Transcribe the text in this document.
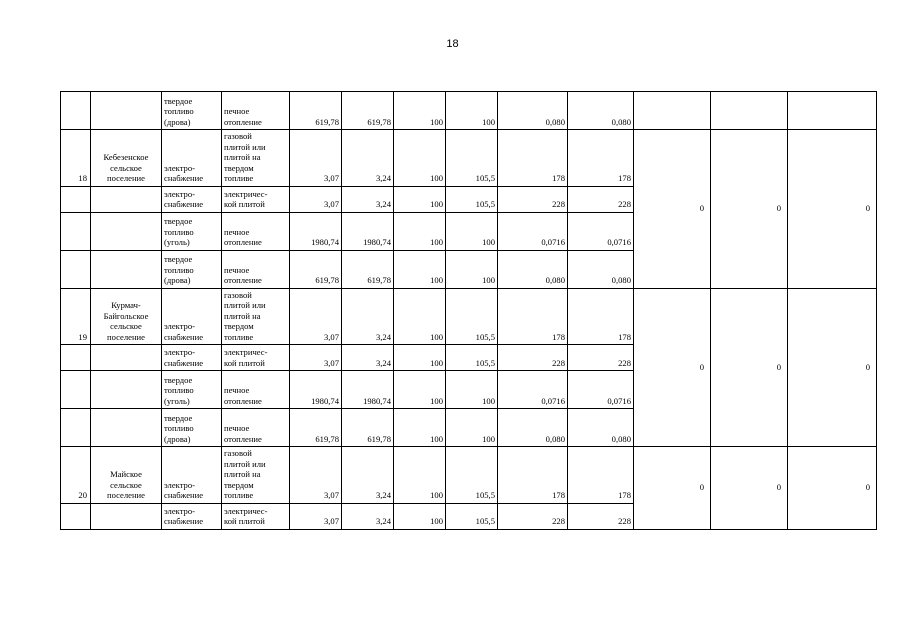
18
		твердое
топливо
(дрова)	печное
отопление	619,78	619,78	100	100	0,080	0,080			
18	Кебезенское
сельское
поселение	электро-
снабжение	газовой
плитой или
плитой на
твердом
топливе	3,07	3,24	100	105,5	178	178	0	0	0
		электро-
снабжение	электричес-
кой плитой	3,07	3,24	100	105,5	228	228			
		твердое
топливо
(уголь)	печное
отопление	1980,74	1980,74	100	100	0,0716	0,0716			
		твердое
топливо
(дрова)	печное
отопление	619,78	619,78	100	100	0,080	0,080			
19	Курмач-
Байгольское
сельское
поселение	электро-
снабжение	газовой
плитой или
плитой на
твердом
топливе	3,07	3,24	100	105,5	178	178	0	0	0
		электро-
снабжение	электричес-
кой плитой	3,07	3,24	100	105,5	228	228			
		твердое
топливо
(уголь)	печное
отопление	1980,74	1980,74	100	100	0,0716	0,0716			
		твердое
топливо
(дрова)	печное
отопление	619,78	619,78	100	100	0,080	0,080			
20	Майское
сельское
поселение	электро-
снабжение	газовой
плитой или
плитой на
твердом
топливе	3,07	3,24	100	105,5	178	178	0	0	0
		электро-
снабжение	электричес-
кой плитой	3,07	3,24	100	105,5	228	228			
